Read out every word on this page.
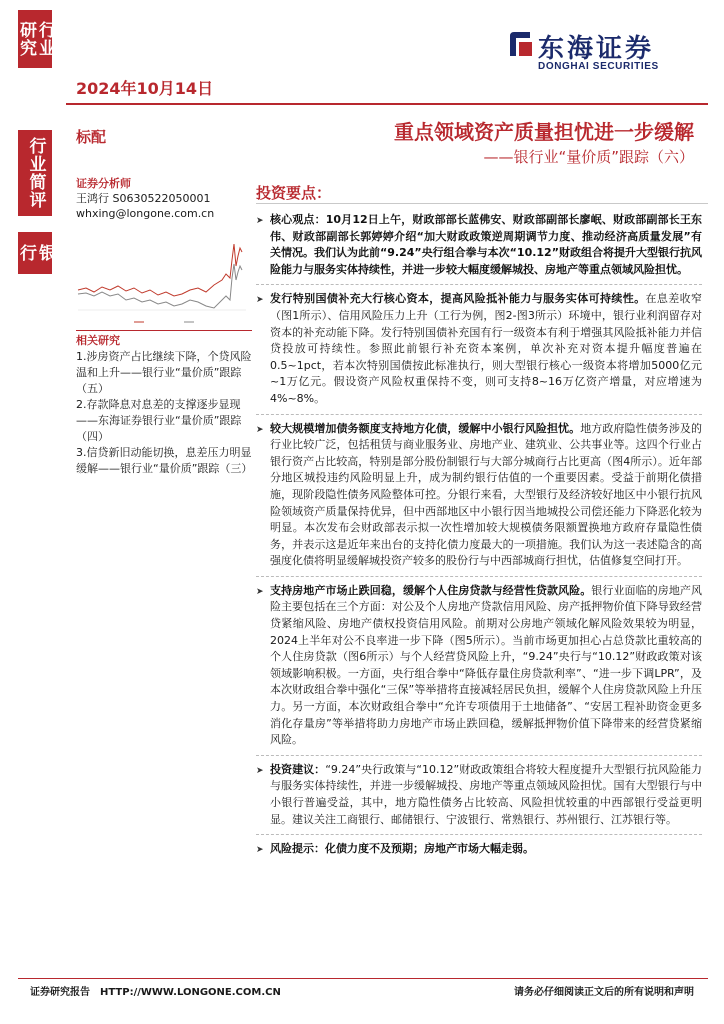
行业研究
行业简评
银行
东海证券
DONGHAI SECURITIES
2024年10月14日
标配	重点领域资产质量担忧进一步缓解
——银行业“量价质”跟踪（六）
证券分析师
王鸿行 S0630522050001
whxing@longone.com.cn
相关研究
1.涉房资产占比继续下降，个贷风险温和上升——银行业“量价质”跟踪（五）
2.存款降息对息差的支撑逐步显现——东海证券银行业“量价质”跟踪（四）
3.信贷新旧动能切换，息差压力明显缓解——银行业“量价质”跟踪（三）
投资要点：
➤ 核心观点：10月12日上午，财政部部长蓝佛安、财政部副部长廖岷、财政部副部长王东伟、财政部副部长郭婷婷介绍“加大财政政策逆周期调节力度、推动经济高质量发展”有关情况。我们认为此前“9.24”央行组合拳与本次“10.12”财政组合将提升大型银行抗风险能力与服务实体持续性，并进一步较大幅度缓解城投、房地产等重点领域风险担忧。
➤ 发行特别国债补充大行核心资本，提高风险抵补能力与服务实体可持续性。在息差收窄（图1所示）、信用风险压力上升（工行为例，图2-图3所示）环境中，银行业利润留存对资本的补充动能下降。发行特别国债补充国有行一级资本有利于增强其风险抵补能力并信贷投放可持续性。参照此前银行补充资本案例，单次补充对资本提升幅度普遍在0.5~1pct，若本次特别国债按此标准执行，则大型银行核心一级资本将增加5000亿元~1万亿元。假设资产风险权重保持不变，则可支持8~16万亿资产增量，对应增速为4%~8%。
➤ 较大规模增加债务额度支持地方化债，缓解中小银行风险担忧。地方政府隐性债务涉及的行业比较广泛，包括租赁与商业服务业、房地产业、建筑业、公共事业等。这四个行业占银行资产占比较高，特别是部分股份制银行与大部分城商行占比更高（图4所示）。近年部分地区城投违约风险明显上升，成为制约银行估值的一个重要因素。受益于前期化债措施，现阶段隐性债务风险整体可控。分银行来看，大型银行及经济较好地区中小银行抗风险领域资产质量保持优异，但中西部地区中小银行因当地城投公司偿还能力下降恶化较为明显。本次发布会财政部表示拟一次性增加较大规模债务限额置换地方政府存量隐性债务，并表示这是近年来出台的支持化债力度最大的一项措施。我们认为这一表述隐含的高强度化债将明显缓解城投资产较多的股份行与中西部城商行担忧，估值修复空间打开。
➤ 支持房地产市场止跌回稳，缓解个人住房贷款与经营性贷款风险。银行业面临的房地产风险主要包括在三个方面：对公及个人房地产贷款信用风险、房产抵押物价值下降导致经营贷紧缩风险、房地产债权投资信用风险。前期对公房地产领域化解风险效果较为明显，2024上半年对公不良率进一步下降（图5所示）。当前市场更加担心占总贷款比重较高的个人住房贷款（图6所示）与个人经营贷风险上升，“9.24”央行与“10.12”财政政策对该领域影响积极。一方面，央行组合拳中“降低存量住房贷款利率”、“进一步下调LPR”，及本次财政组合拳中强化“三保”等举措将直接减轻居民负担，缓解个人住房贷款风险上升压力。另一方面，本次财政组合拳中“允许专项债用于土地储备”、“安居工程补助资金更多消化存量房”等举措将助力房地产市场止跌回稳，缓解抵押物价值下降带来的经营贷紧缩风险。
➤ 投资建议：“9.24”央行政策与“10.12”财政政策组合将较大程度提升大型银行抗风险能力与服务实体持续性，并进一步缓解城投、房地产等重点领域风险担忧。国有大型银行与中小银行普遍受益，其中，地方隐性债务占比较高、风险担忧较重的中西部银行受益更明显。建议关注工商银行、邮储银行、宁波银行、常熟银行、苏州银行、江苏银行等。
➤ 风险提示：化债力度不及预期；房地产市场大幅走弱。
证券研究报告　HTTP://WWW.LONGONE.COM.CN	请务必仔细阅读正文后的所有说明和声明
